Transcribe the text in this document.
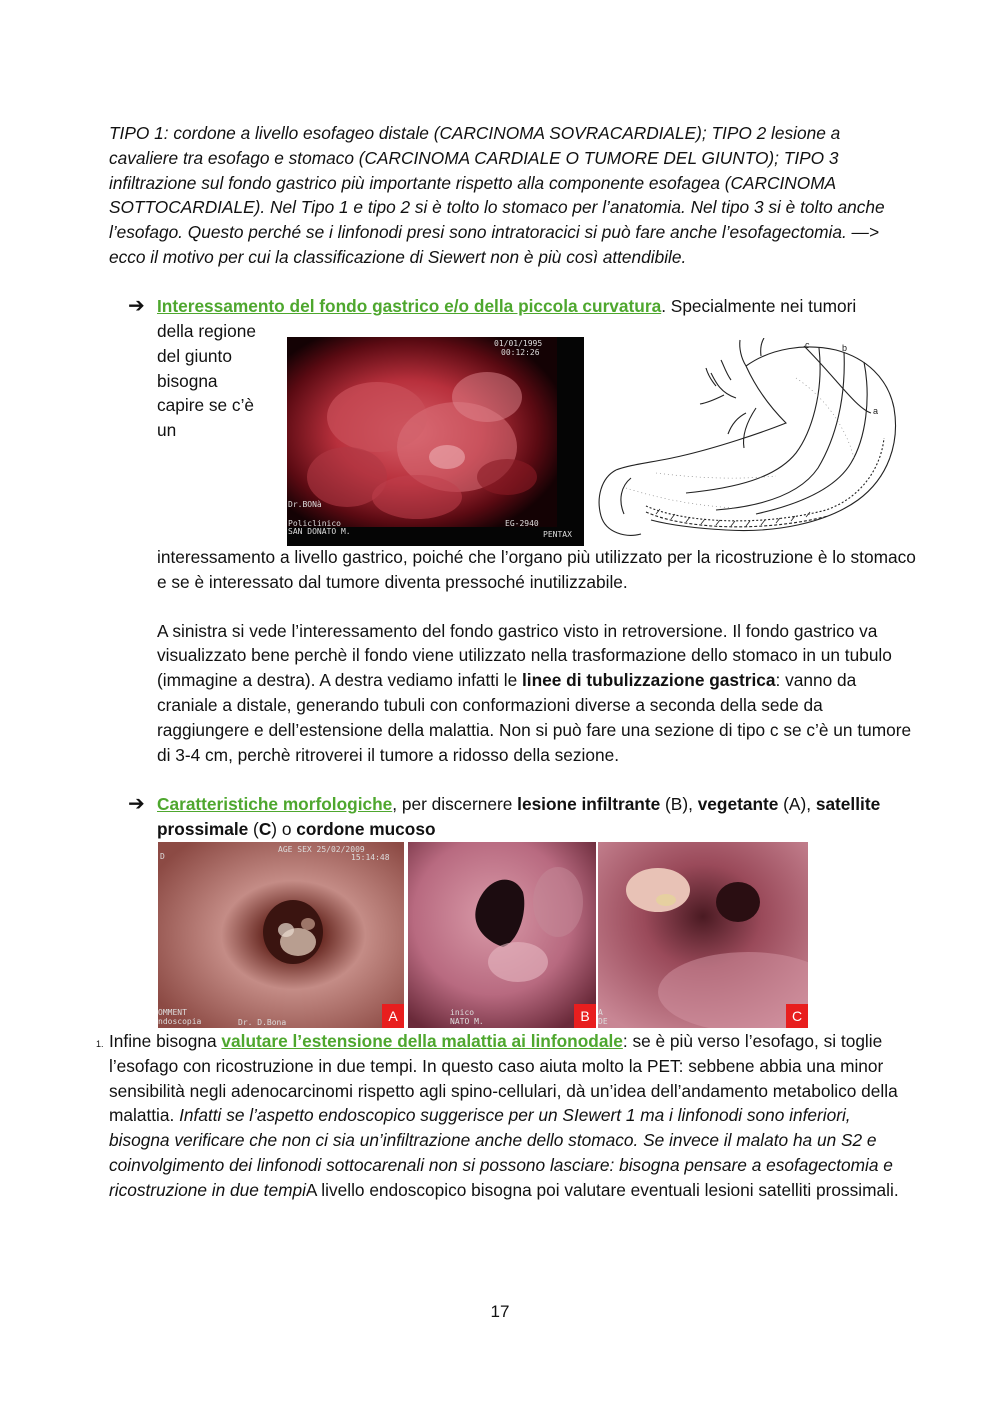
TIPO 1: cordone a livello esofageo distale (CARCINOMA SOVRACARDIALE); TIPO 2 lesione a cavaliere tra esofago e stomaco (CARCINOMA CARDIALE O TUMORE DEL GIUNTO); TIPO 3 infiltrazione sul fondo gastrico più importante rispetto alla componente esofagea (CARCINOMA SOTTOCARDIALE). Nel Tipo 1 e tipo 2 si è tolto lo stomaco per l’anatomia. Nel tipo 3 si è tolto anche l’esofago. Questo perché se i linfonodi presi sono intratoracici si può fare anche l’esofagectomia. —> ecco il motivo per cui la classificazione di Siewert non è più così attendibile.

➔ Interessamento del fondo gastrico e/o della piccola curvatura. Specialmente nei tumori
della regione
del giunto
bisogna
capire se c’è
un
01/01/1995
00:12:26
Dr.BONà
Policlinico
SAN DONATO M.
EG-2940
PENTAX
c	b
a

interessamento a livello gastrico, poiché che l’organo più utilizzato per la ricostruzione è lo stomaco e se è interessato dal tumore diventa pressoché inutilizzabile.

A sinistra si vede l’interessamento del fondo gastrico visto in retroversione. Il fondo gastrico va visualizzato bene perchè il fondo viene utilizzato nella trasformazione dello stomaco in un tubulo (immagine a destra). A destra vediamo infatti le linee di tubulizzazione gastrica: vanno da craniale a distale, generando tubuli con conformazioni diverse a seconda della sede da raggiungere e dell’estensione della malattia. Non si può fare una sezione di tipo c se c’è un tumore di 3-4 cm, perchè ritroverei il tumore a ridosso della sezione.

➔ Caratteristiche morfologiche, per discernere lesione infiltrante (B), vegetante (A), satellite prossimale (C) o cordone mucoso
AGE SEX 25/02/2009
15:14:48
D
OMMENT
ndoscopia	Dr. D.Bona	A	inico
NATO M.	B	A
DE	C
1. Infine bisogna valutare l’estensione della malattia ai linfonodale: se è più verso l’esofago, si toglie l’esofago con ricostruzione in due tempi. In questo caso aiuta molto la PET: sebbene abbia una minor sensibilità negli adenocarcinomi rispetto agli spino-cellulari, dà un’idea dell’andamento metabolico della malattia. Infatti se l’aspetto endoscopico suggerisce per un SIewert 1 ma i linfonodi sono inferiori, bisogna verificare che non ci sia un’infiltrazione anche dello stomaco. Se invece il malato ha un S2 e coinvolgimento dei linfonodi sottocarenali non si possono lasciare: bisogna pensare a esofagectomia e ricostruzione in due tempiA livello endoscopico bisogna poi valutare eventuali lesioni satelliti prossimali.
17
